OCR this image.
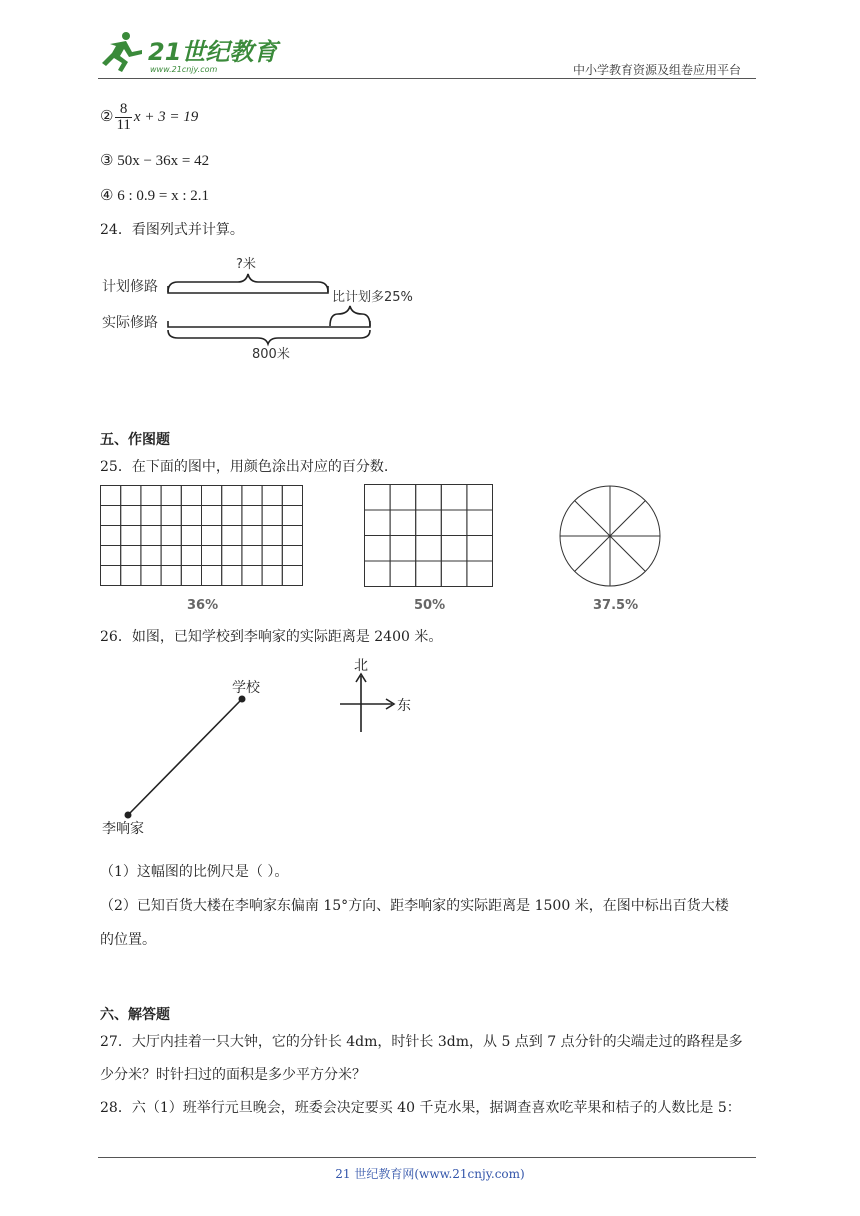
21世纪教育
www.21cnjy.com	中小学教育资源及组卷应用平台
② $\frac{8}{11}$ x + 3 = 19
③ 50x − 36x = 42
④ 6 : 0.9 = x : 2.1
24．看图列式并计算。
计划修路
实际修路
?米
比计划多25%
800米
五、作图题
25．在下面的图中，用颜色涂出对应的百分数.
36%	50%	37.5%
26．如图，已知学校到李响家的实际距离是 2400 米。
学校
李响家
北
东
（1）这幅图的比例尺是（ ）。
（2）已知百货大楼在李响家东偏南 15°方向、距李响家的实际距离是 1500 米，在图中标出百货大楼
的位置。
六、解答题
27．大厅内挂着一只大钟，它的分针长 4dm，时针长 3dm，从 5 点到 7 点分针的尖端走过的路程是多
少分米？时针扫过的面积是多少平方分米？
28．六（1）班举行元旦晚会，班委会决定要买 40 千克水果，据调查喜欢吃苹果和桔子的人数比是 5：
21 世纪教育网(www.21cnjy.com)
